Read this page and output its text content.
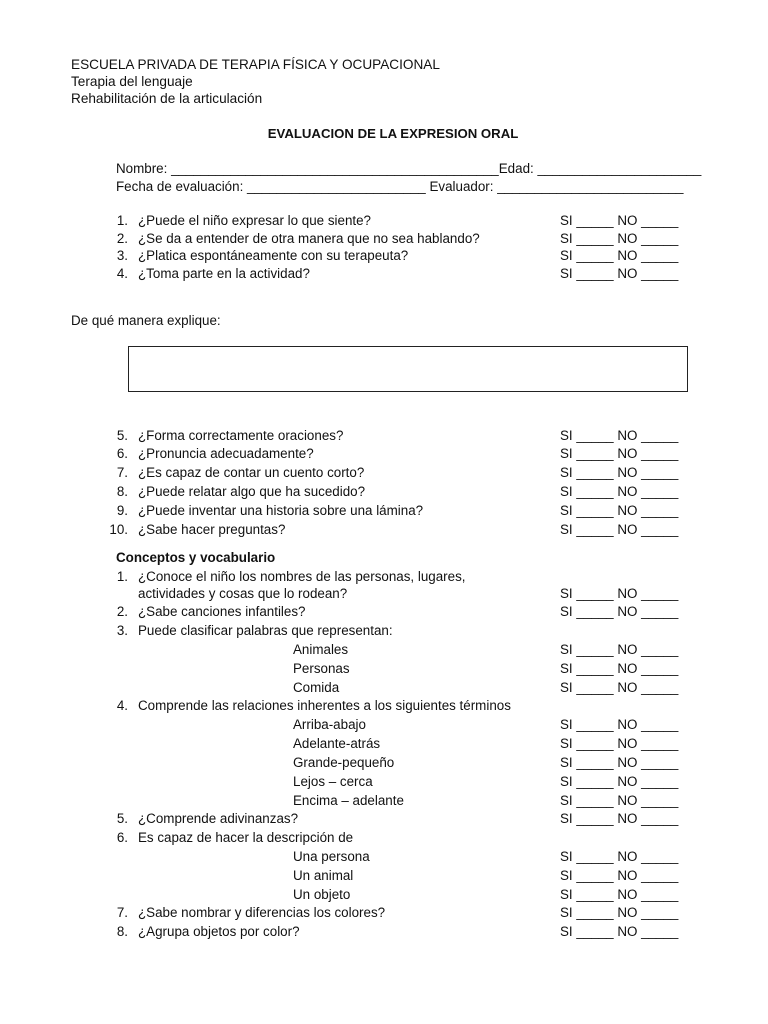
ESCUELA PRIVADA DE TERAPIA FÍSICA Y OCUPACIONAL
Terapia del lenguaje
Rehabilitación de la articulación
EVALUACION DE LA EXPRESION ORAL
Nombre: ____________________________________________Edad: ______________________
Fecha de evaluación: ________________________ Evaluador: _________________________
1. ¿Puede el niño expresar lo que siente?	SI _____ NO _____
2. ¿Se da a entender de otra manera que no sea hablando?	SI _____ NO _____
3. ¿Platica espontáneamente con su terapeuta?	SI _____ NO _____
4. ¿Toma parte en la actividad?	SI _____ NO _____
De qué manera explique:
5. ¿Forma correctamente oraciones?	SI _____ NO _____
6. ¿Pronuncia adecuadamente?	SI _____ NO _____
7. ¿Es capaz de contar un cuento corto?	SI _____ NO _____
8. ¿Puede relatar algo que ha sucedido?	SI _____ NO _____
9. ¿Puede inventar una historia sobre una lámina?	SI _____ NO _____
10. ¿Sabe hacer preguntas?	SI _____ NO _____
Conceptos y vocabulario
1. ¿Conoce el niño los nombres de las personas, lugares,
actividades y cosas que lo rodean?	SI _____ NO _____
2. ¿Sabe canciones infantiles?	SI _____ NO _____
3. Puede clasificar palabras que representan:
Animales	SI _____ NO _____
Personas	SI _____ NO _____
Comida	SI _____ NO _____
4. Comprende las relaciones inherentes a los siguientes términos
Arriba-abajo	SI _____ NO _____
Adelante-atrás	SI _____ NO _____
Grande-pequeño	SI _____ NO _____
Lejos – cerca	SI _____ NO _____
Encima – adelante	SI _____ NO _____
5. ¿Comprende adivinanzas?	SI _____ NO _____
6. Es capaz de hacer la descripción de
Una persona	SI _____ NO _____
Un animal	SI _____ NO _____
Un objeto	SI _____ NO _____
7. ¿Sabe nombrar y diferencias los colores?	SI _____ NO _____
8. ¿Agrupa objetos por color?	SI _____ NO _____
